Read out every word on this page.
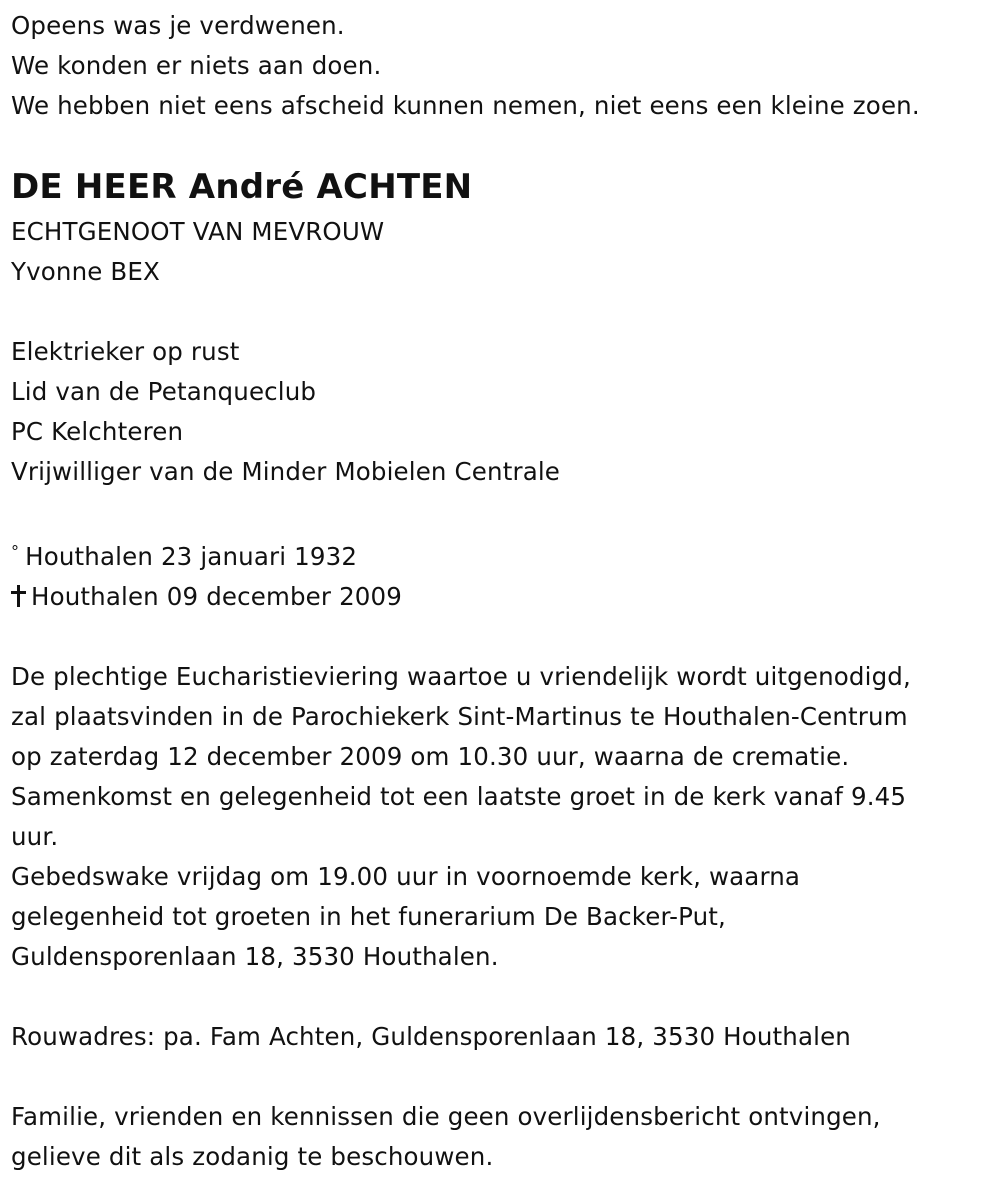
Opeens was je verdwenen.
We konden er niets aan doen.
We hebben niet eens afscheid kunnen nemen, niet eens een kleine zoen.
DE HEER André ACHTEN
ECHTGENOOT VAN MEVROUW
Yvonne BEX
Elektrieker op rust
Lid van de Petanqueclub
PC Kelchteren
Vrijwilliger van de Minder Mobielen Centrale
° Houthalen 23 januari 1932
Houthalen 09 december 2009
De plechtige Eucharistieviering waartoe u vriendelijk wordt uitgenodigd,
zal plaatsvinden in de Parochiekerk Sint-Martinus te Houthalen-Centrum
op zaterdag 12 december 2009 om 10.30 uur, waarna de crematie.
Samenkomst en gelegenheid tot een laatste groet in de kerk vanaf 9.45
uur.
Gebedswake vrijdag om 19.00 uur in voornoemde kerk, waarna
gelegenheid tot groeten in het funerarium De Backer-Put,
Guldensporenlaan 18, 3530 Houthalen.
Rouwadres: pa. Fam Achten, Guldensporenlaan 18, 3530 Houthalen
Familie, vrienden en kennissen die geen overlijdensbericht ontvingen,
gelieve dit als zodanig te beschouwen.
